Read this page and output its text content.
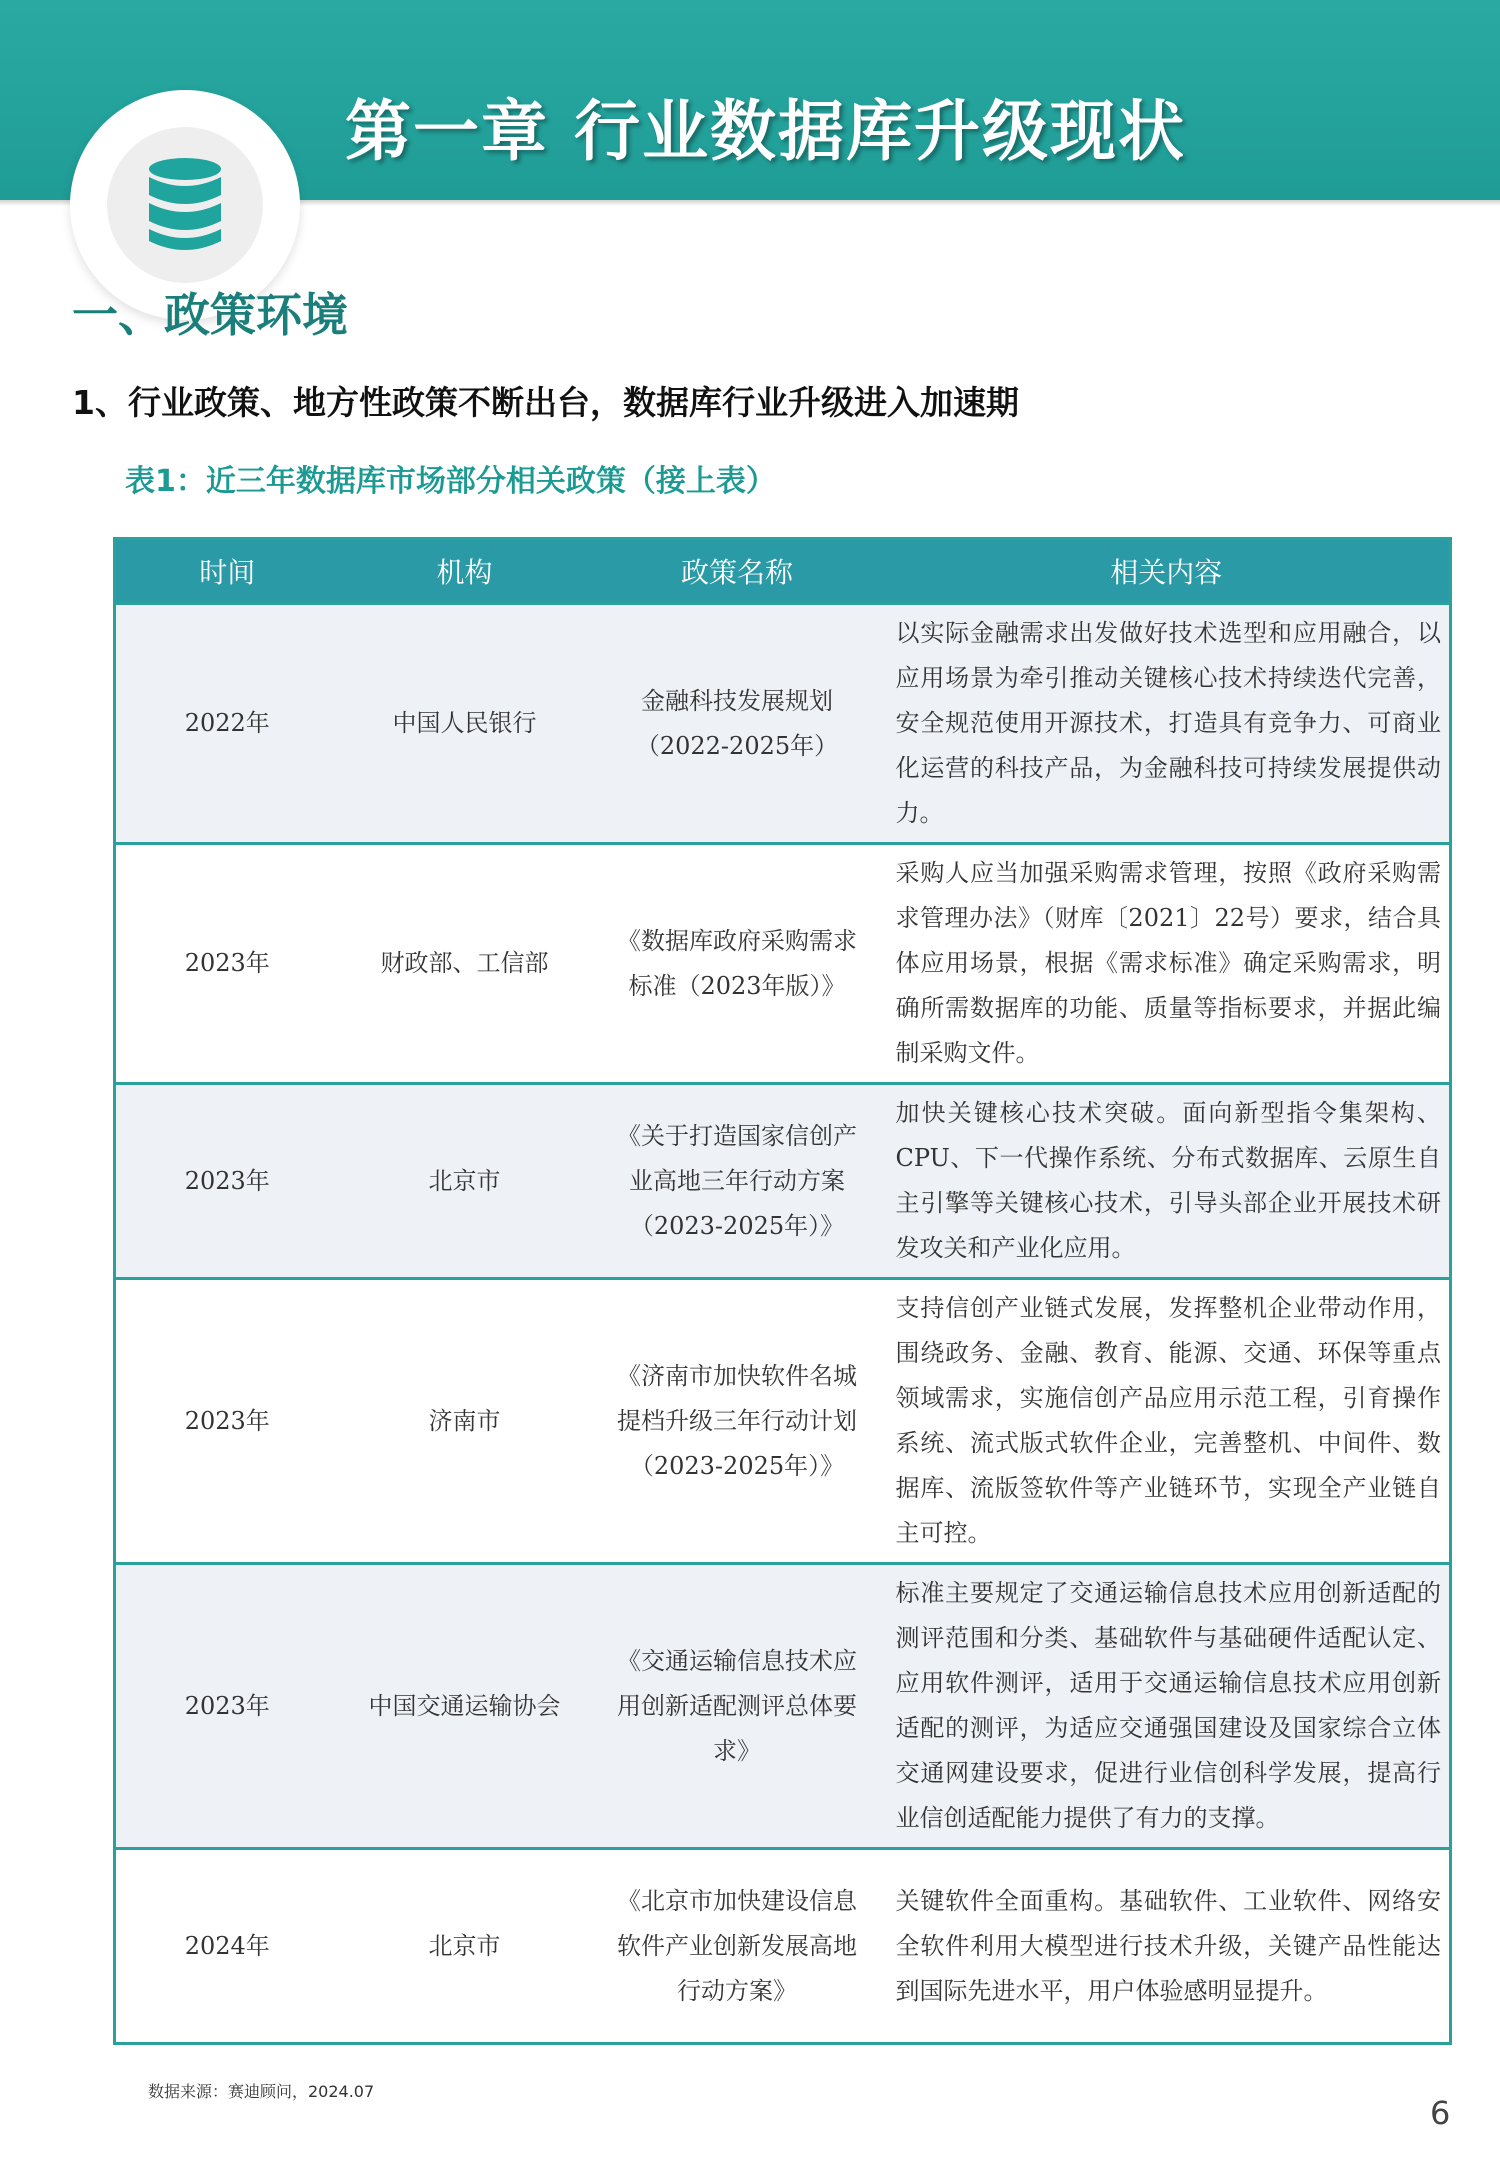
第一章 行业数据库升级现状
一、政策环境
1、行业政策、地方性政策不断出台，数据库行业升级进入加速期
表1：近三年数据库市场部分相关政策（接上表）
时间	机构	政策名称	相关内容
2022年	中国人民银行	金融科技发展规划（2022-2025年）	以实际金融需求出发做好技术选型和应用融合，以应用场景为牵引推动关键核心技术持续迭代完善，安全规范使用开源技术，打造具有竞争力、可商业化运营的科技产品，为金融科技可持续发展提供动力。
2023年	财政部、工信部	《数据库政府采购需求标准（2023年版）》	采购人应当加强采购需求管理，按照《政府采购需求管理办法》（财库〔2021〕22号）要求，结合具体应用场景，根据《需求标准》确定采购需求，明确所需数据库的功能、质量等指标要求，并据此编制采购文件。
2023年	北京市	《关于打造国家信创产业高地三年行动方案（2023-2025年）》	加快关键核心技术突破。面向新型指令集架构、CPU、下一代操作系统、分布式数据库、云原生自主引擎等关键核心技术，引导头部企业开展技术研发攻关和产业化应用。
2023年	济南市	《济南市加快软件名城提档升级三年行动计划（2023-2025年）》	支持信创产业链式发展，发挥整机企业带动作用，围绕政务、金融、教育、能源、交通、环保等重点领域需求，实施信创产品应用示范工程，引育操作系统、流式版式软件企业，完善整机、中间件、数据库、流版签软件等产业链环节，实现全产业链自主可控。
2023年	中国交通运输协会	《交通运输信息技术应用创新适配测评总体要求》	标准主要规定了交通运输信息技术应用创新适配的测评范围和分类、基础软件与基础硬件适配认定、应用软件测评，适用于交通运输信息技术应用创新适配的测评，为适应交通强国建设及国家综合立体交通网建设要求，促进行业信创科学发展，提高行业信创适配能力提供了有力的支撑。
2024年	北京市	《北京市加快建设信息软件产业创新发展高地行动方案》	关键软件全面重构。基础软件、工业软件、网络安全软件利用大模型进行技术升级，关键产品性能达到国际先进水平，用户体验感明显提升。
数据来源：赛迪顾问，2024.07
6
